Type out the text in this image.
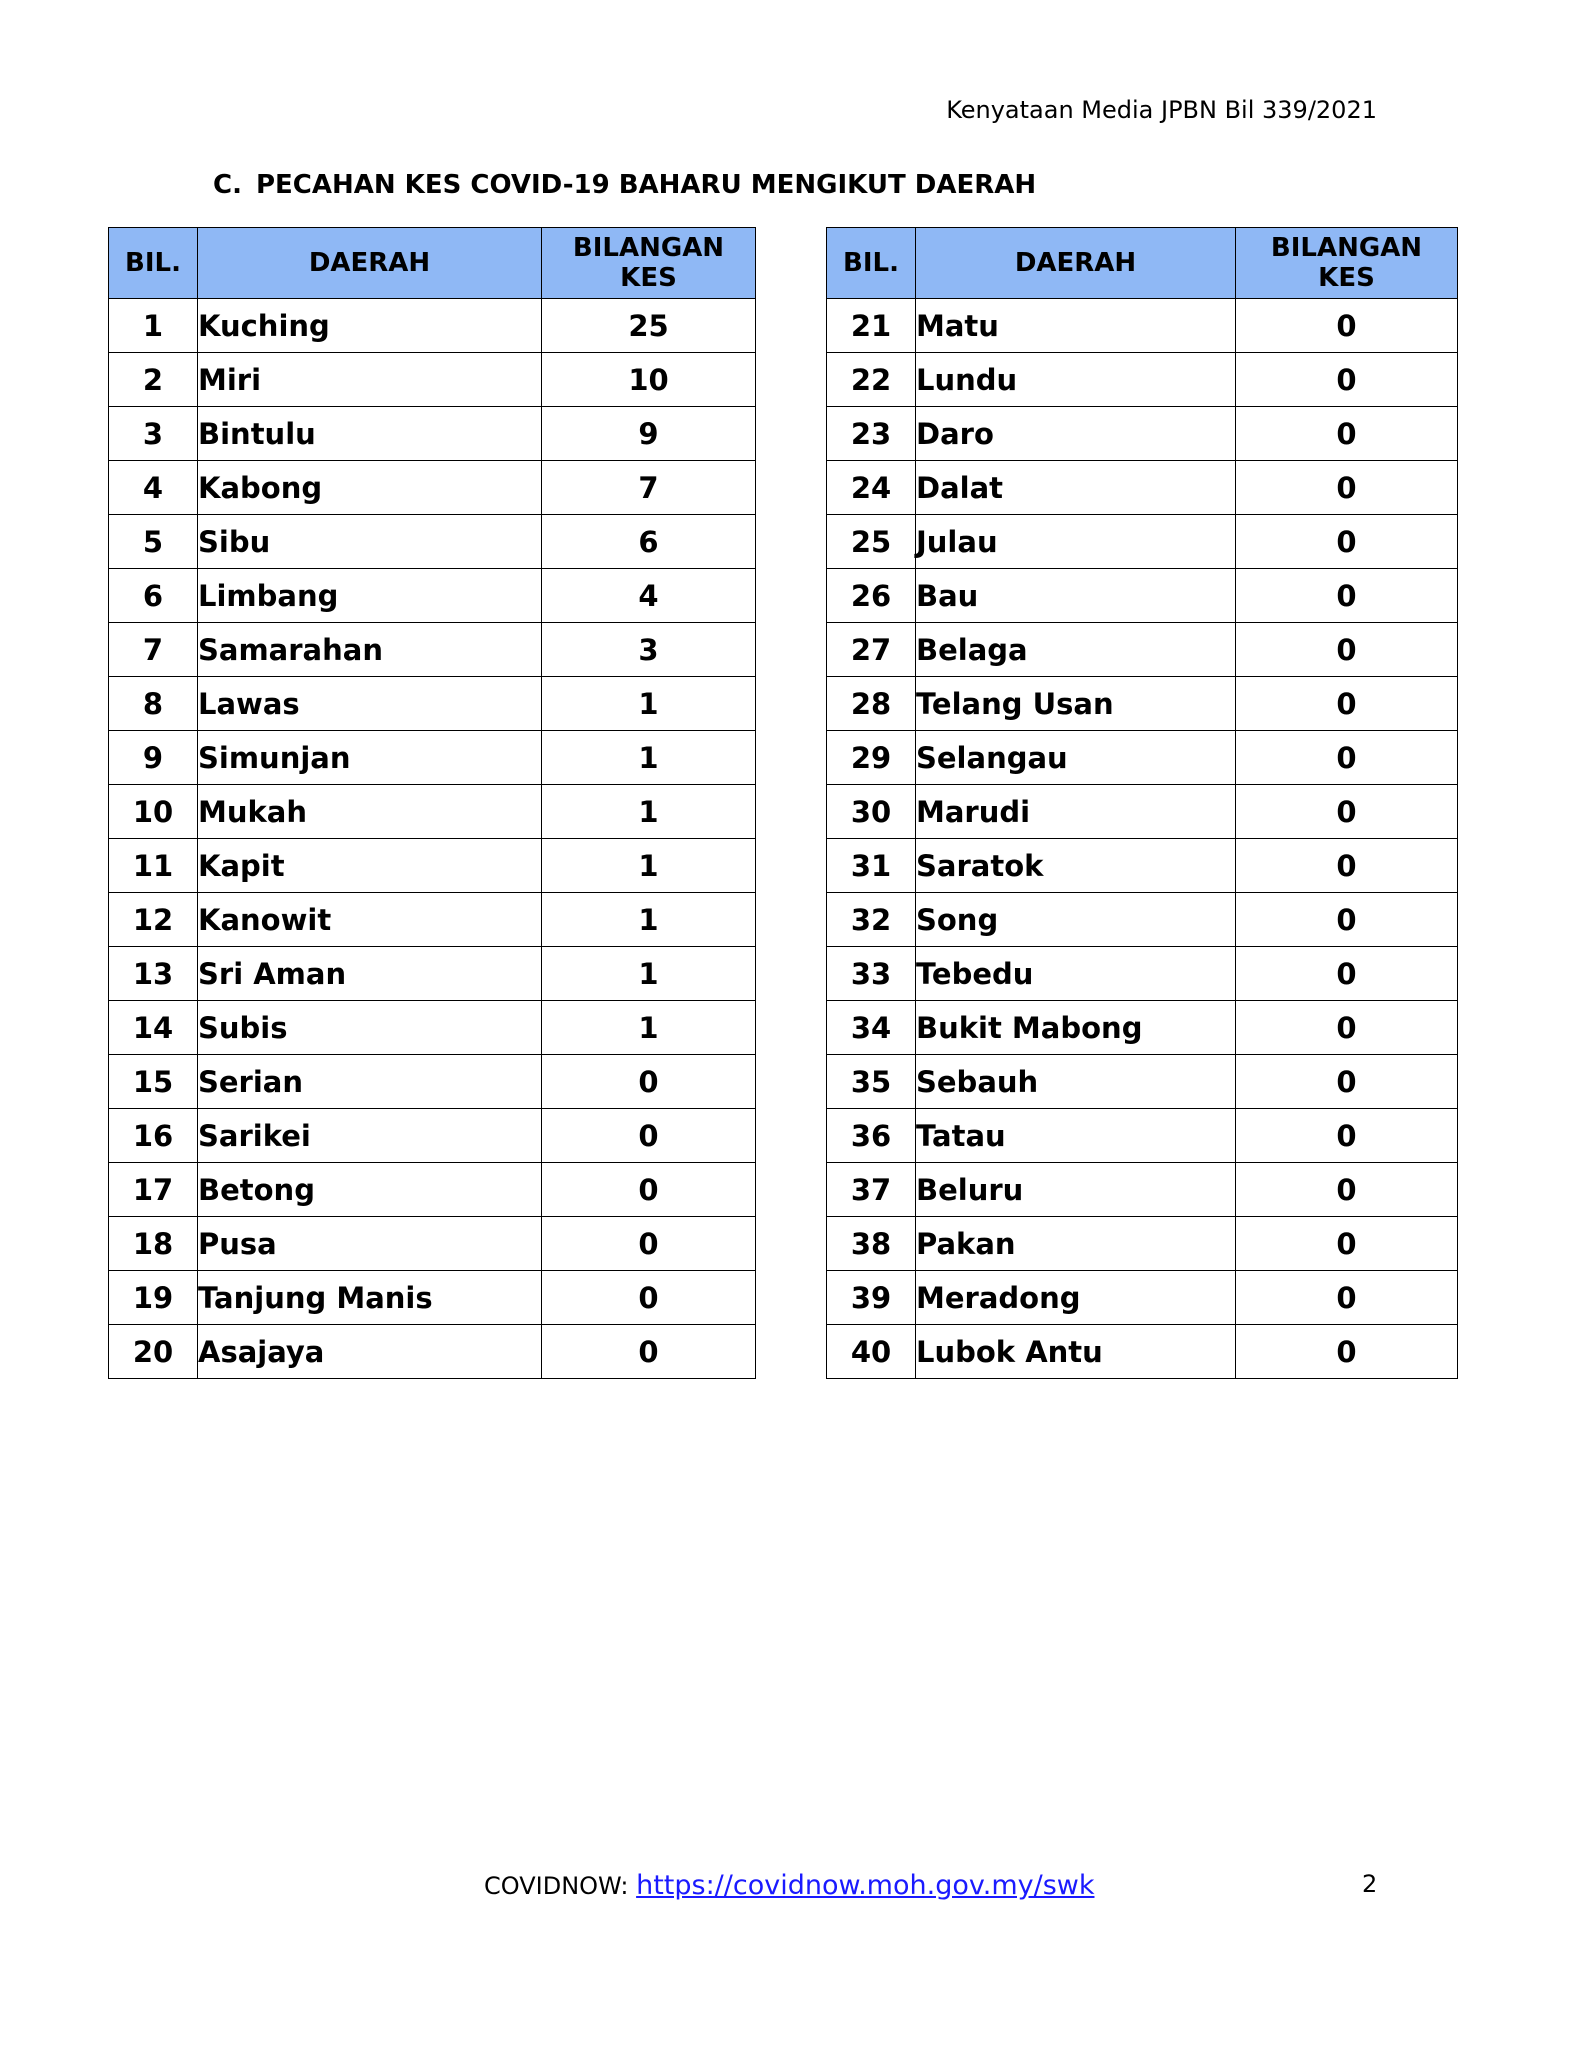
Kenyataan Media JPBN Bil 339/2021
C. PECAHAN KES COVID-19 BAHARU MENGIKUT DAERAH
BIL.	DAERAH	BILANGAN
KES
1	Kuching	25
2	Miri	10
3	Bintulu	9
4	Kabong	7
5	Sibu	6
6	Limbang	4
7	Samarahan	3
8	Lawas	1
9	Simunjan	1
10	Mukah	1
11	Kapit	1
12	Kanowit	1
13	Sri Aman	1
14	Subis	1
15	Serian	0
16	Sarikei	0
17	Betong	0
18	Pusa	0
19	Tanjung Manis	0
20	Asajaya	0
BIL.	DAERAH	BILANGAN
KES
21	Matu	0
22	Lundu	0
23	Daro	0
24	Dalat	0
25	Julau	0
26	Bau	0
27	Belaga	0
28	Telang Usan	0
29	Selangau	0
30	Marudi	0
31	Saratok	0
32	Song	0
33	Tebedu	0
34	Bukit Mabong	0
35	Sebauh	0
36	Tatau	0
37	Beluru	0
38	Pakan	0
39	Meradong	0
40	Lubok Antu	0
COVIDNOW: https://covidnow.moh.gov.my/swk	2
